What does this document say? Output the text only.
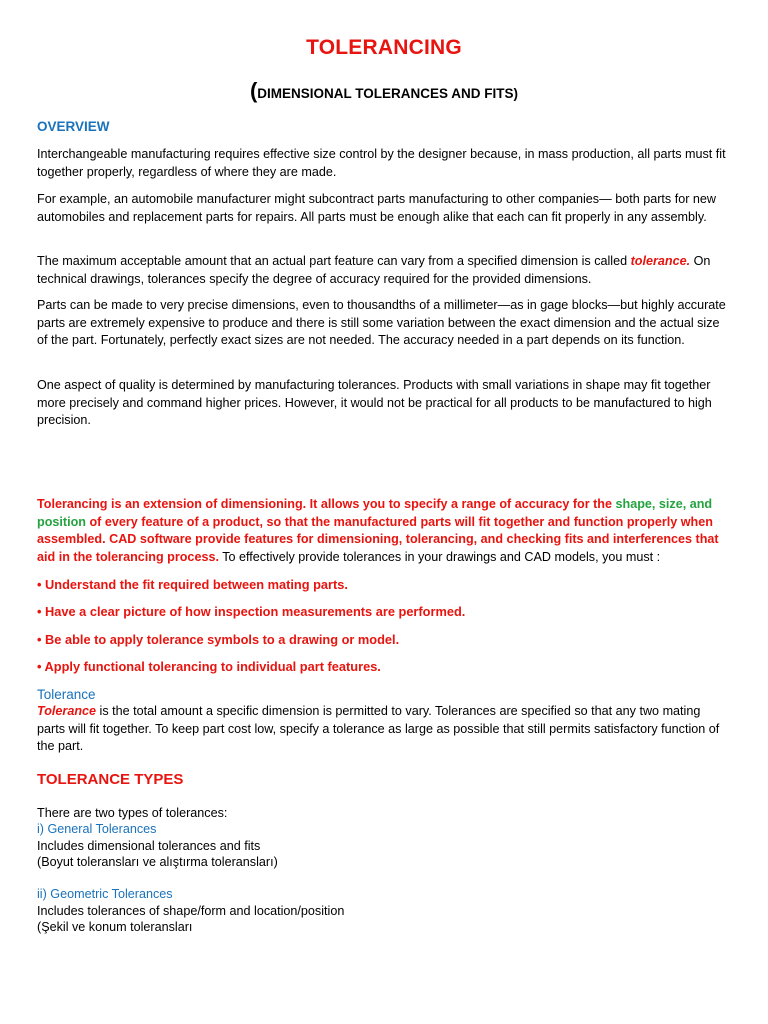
TOLERANCING
(DIMENSIONAL TOLERANCES AND FITS)
OVERVIEW
Interchangeable manufacturing requires effective size control by the designer because, in mass production, all parts must fit together properly, regardless of where they are made.
For example, an automobile manufacturer might subcontract parts manufacturing to other companies— both parts for new automobiles and replacement parts for repairs. All parts must be enough alike that each can fit properly in any assembly.
The maximum acceptable amount that an actual part feature can vary from a specified dimension is called tolerance. On technical drawings, tolerances specify the degree of accuracy required for the provided dimensions.
Parts can be made to very precise dimensions, even to thousandths of a millimeter—as in gage blocks—but highly accurate parts are extremely expensive to produce and there is still some variation between the exact dimension and the actual size of the part. Fortunately, perfectly exact sizes are not needed. The accuracy needed in a part depends on its function.
One aspect of quality is determined by manufacturing tolerances. Products with small variations in shape may fit together more precisely and command higher prices. However, it would not be practical for all products to be manufactured to high precision.
Tolerancing is an extension of dimensioning. It allows you to specify a range of accuracy for the shape, size, and position of every feature of a product, so that the manufactured parts will fit together and function properly when assembled. CAD software provide features for dimensioning, tolerancing, and checking fits and interferences that aid in the tolerancing process. To effectively provide tolerances in your drawings and CAD models, you must :
• Understand the fit required between mating parts.
• Have a clear picture of how inspection measurements are performed.
• Be able to apply tolerance symbols to a drawing or model.
• Apply functional tolerancing to individual part features.
Tolerance
Tolerance is the total amount a specific dimension is permitted to vary. Tolerances are specified so that any two mating parts will fit together. To keep part cost low, specify a tolerance as large as possible that still permits satisfactory function of the part.
TOLERANCE TYPES
There are two types of tolerances:
i) General Tolerances
Includes dimensional tolerances and fits
(Boyut toleransları ve alıştırma toleransları)
ii) Geometric Tolerances
Includes tolerances of shape/form and location/position
(Şekil ve konum toleransları
